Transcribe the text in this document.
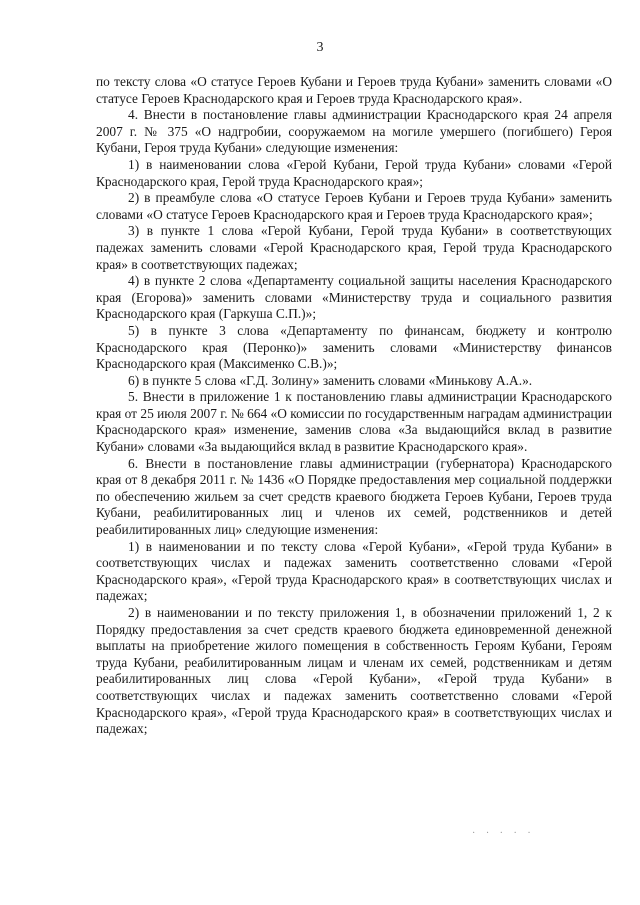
3

по тексту слова «О статусе Героев Кубани и Героев труда Кубани» заменить словами «О статусе Героев Краснодарского края и Героев труда Краснодарского края».

4. Внести в постановление главы администрации Краснодарского края 24 апреля 2007 г. № 375 «О надгробии, сооружаемом на могиле умершего (погибшего) Героя Кубани, Героя труда Кубани» следующие изменения:

1) в наименовании слова «Герой Кубани, Герой труда Кубани» словами «Герой Краснодарского края, Герой труда Краснодарского края»;

2) в преамбуле слова «О статусе Героев Кубани и Героев труда Кубани» заменить словами «О статусе Героев Краснодарского края и Героев труда Краснодарского края»;

3) в пункте 1 слова «Герой Кубани, Герой труда Кубани» в соответствующих падежах заменить словами «Герой Краснодарского края, Герой труда Краснодарского края» в соответствующих падежах;

4) в пункте 2 слова «Департаменту социальной защиты населения Краснодарского края (Егорова)» заменить словами «Министерству труда и социального развития Краснодарского края (Гаркуша С.П.)»;

5) в пункте 3 слова «Департаменту по финансам, бюджету и контролю Краснодарского края (Перонко)» заменить словами «Министерству финансов Краснодарского края (Максименко С.В.)»;

6) в пункте 5 слова «Г.Д. Золину» заменить словами «Минькову А.А.».

5. Внести в приложение 1 к постановлению главы администрации Краснодарского края от 25 июля 2007 г. № 664 «О комиссии по государственным наградам администрации Краснодарского края» изменение, заменив слова «За выдающийся вклад в развитие Кубани» словами «За выдающийся вклад в развитие Краснодарского края».

6. Внести в постановление главы администрации (губернатора) Краснодарского края от 8 декабря 2011 г. № 1436 «О Порядке предоставления мер социальной поддержки по обеспечению жильем за счет средств краевого бюджета Героев Кубани, Героев труда Кубани, реабилитированных лиц и членов их семей, родственников и детей реабилитированных лиц» следующие изменения:

1) в наименовании и по тексту слова «Герой Кубани», «Герой труда Кубани» в соответствующих числах и падежах заменить соответственно словами «Герой Краснодарского края», «Герой труда Краснодарского края» в соответствующих числах и падежах;

2) в наименовании и по тексту приложения 1, в обозначении приложений 1, 2 к Порядку предоставления за счет средств краевого бюджета единовременной денежной выплаты на приобретение жилого помещения в собственность Героям Кубани, Героям труда Кубани, реабилитированным лицам и членам их семей, родственникам и детям реабилитированных лиц слова «Герой Кубани», «Герой труда Кубани» в соответствующих числах и падежах заменить соответственно словами «Герой Краснодарского края», «Герой труда Краснодарского края» в соответствующих числах и падежах;

· · · · ·
